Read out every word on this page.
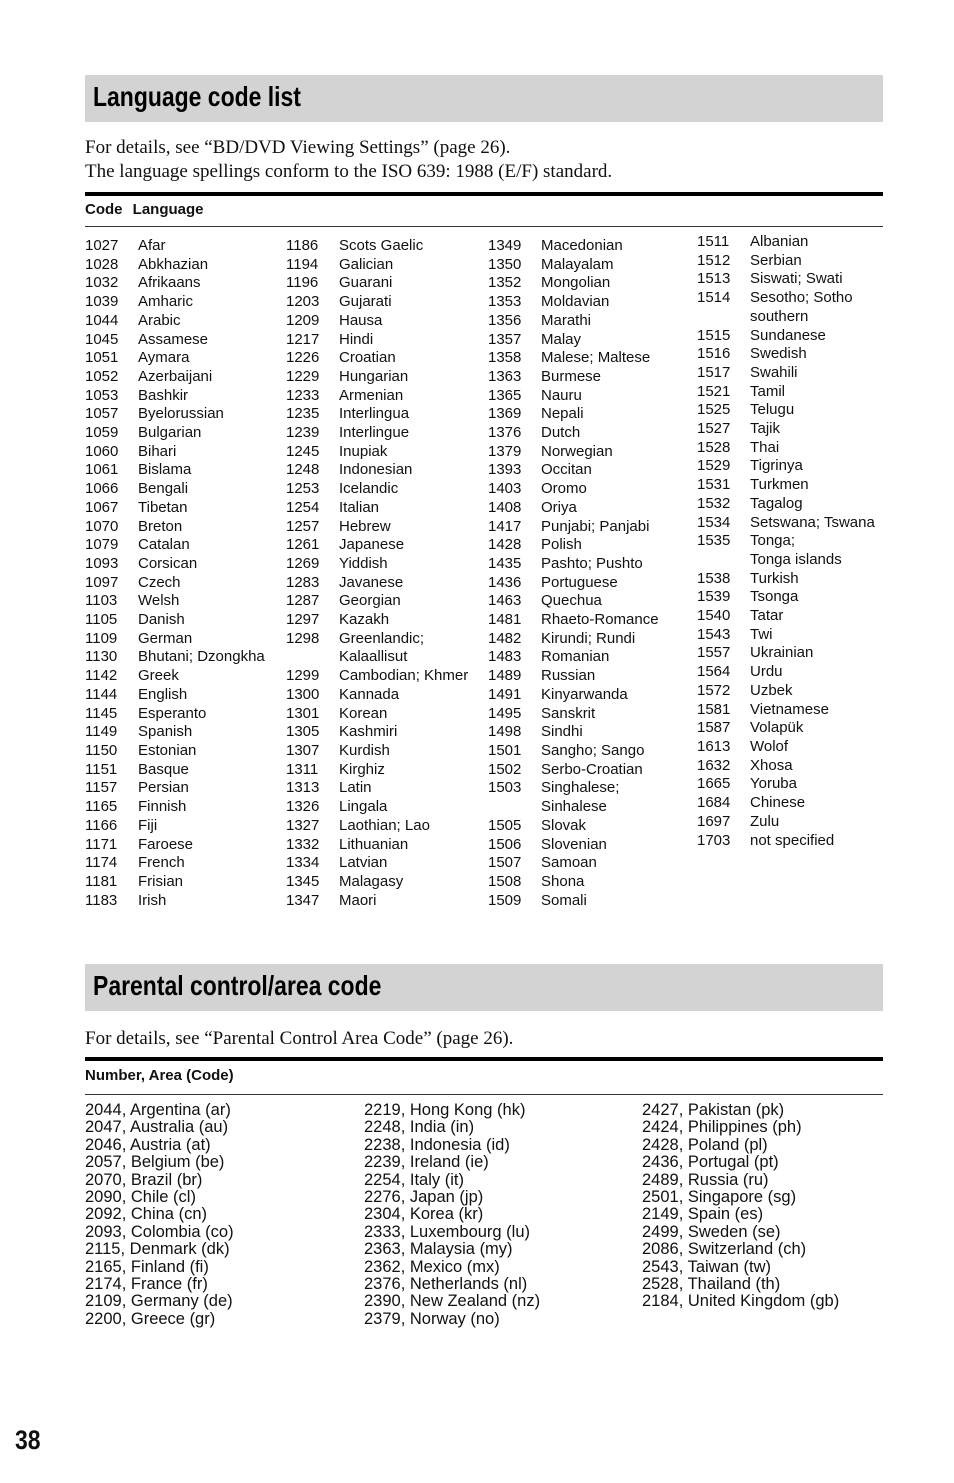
Language code list
For details, see “BD/DVD Viewing Settings” (page 26).
The language spellings conform to the ISO 639: 1988 (E/F) standard.
Code Language
1027	Afar
1028	Abkhazian
1032	Afrikaans
1039	Amharic
1044	Arabic
1045	Assamese
1051	Aymara
1052	Azerbaijani
1053	Bashkir
1057	Byelorussian
1059	Bulgarian
1060	Bihari
1061	Bislama
1066	Bengali
1067	Tibetan
1070	Breton
1079	Catalan
1093	Corsican
1097	Czech
1103	Welsh
1105	Danish
1109	German
1130	Bhutani; Dzongkha
1142	Greek
1144	English
1145	Esperanto
1149	Spanish
1150	Estonian
1151	Basque
1157	Persian
1165	Finnish
1166	Fiji
1171	Faroese
1174	French
1181	Frisian
1183	Irish
1186	Scots Gaelic
1194	Galician
1196	Guarani
1203	Gujarati
1209	Hausa
1217	Hindi
1226	Croatian
1229	Hungarian
1233	Armenian
1235	Interlingua
1239	Interlingue
1245	Inupiak
1248	Indonesian
1253	Icelandic
1254	Italian
1257	Hebrew
1261	Japanese
1269	Yiddish
1283	Javanese
1287	Georgian
1297	Kazakh
1298	Greenlandic;
Kalaallisut
1299	Cambodian; Khmer
1300	Kannada
1301	Korean
1305	Kashmiri
1307	Kurdish
1311	Kirghiz
1313	Latin
1326	Lingala
1327	Laothian; Lao
1332	Lithuanian
1334	Latvian
1345	Malagasy
1347	Maori
1349	Macedonian
1350	Malayalam
1352	Mongolian
1353	Moldavian
1356	Marathi
1357	Malay
1358	Malese; Maltese
1363	Burmese
1365	Nauru
1369	Nepali
1376	Dutch
1379	Norwegian
1393	Occitan
1403	Oromo
1408	Oriya
1417	Punjabi; Panjabi
1428	Polish
1435	Pashto; Pushto
1436	Portuguese
1463	Quechua
1481	Rhaeto-Romance
1482	Kirundi; Rundi
1483	Romanian
1489	Russian
1491	Kinyarwanda
1495	Sanskrit
1498	Sindhi
1501	Sangho; Sango
1502	Serbo-Croatian
1503	Singhalese;
Sinhalese
1505	Slovak
1506	Slovenian
1507	Samoan
1508	Shona
1509	Somali
1511	Albanian
1512	Serbian
1513	Siswati; Swati
1514	Sesotho; Sotho
southern
1515	Sundanese
1516	Swedish
1517	Swahili
1521	Tamil
1525	Telugu
1527	Tajik
1528	Thai
1529	Tigrinya
1531	Turkmen
1532	Tagalog
1534	Setswana; Tswana
1535	Tonga;
Tonga islands
1538	Turkish
1539	Tsonga
1540	Tatar
1543	Twi
1557	Ukrainian
1564	Urdu
1572	Uzbek
1581	Vietnamese
1587	Volapük
1613	Wolof
1632	Xhosa
1665	Yoruba
1684	Chinese
1697	Zulu
1703	not specified
Parental control/area code
For details, see “Parental Control Area Code” (page 26).
Number, Area (Code)
2044, Argentina (ar)
2047, Australia (au)
2046, Austria (at)
2057, Belgium (be)
2070, Brazil (br)
2090, Chile (cl)
2092, China (cn)
2093, Colombia (co)
2115, Denmark (dk)
2165, Finland (fi)
2174, France (fr)
2109, Germany (de)
2200, Greece (gr)
2219, Hong Kong (hk)
2248, India (in)
2238, Indonesia (id)
2239, Ireland (ie)
2254, Italy (it)
2276, Japan (jp)
2304, Korea (kr)
2333, Luxembourg (lu)
2363, Malaysia (my)
2362, Mexico (mx)
2376, Netherlands (nl)
2390, New Zealand (nz)
2379, Norway (no)
2427, Pakistan (pk)
2424, Philippines (ph)
2428, Poland (pl)
2436, Portugal (pt)
2489, Russia (ru)
2501, Singapore (sg)
2149, Spain (es)
2499, Sweden (se)
2086, Switzerland (ch)
2543, Taiwan (tw)
2528, Thailand (th)
2184, United Kingdom (gb)
38
